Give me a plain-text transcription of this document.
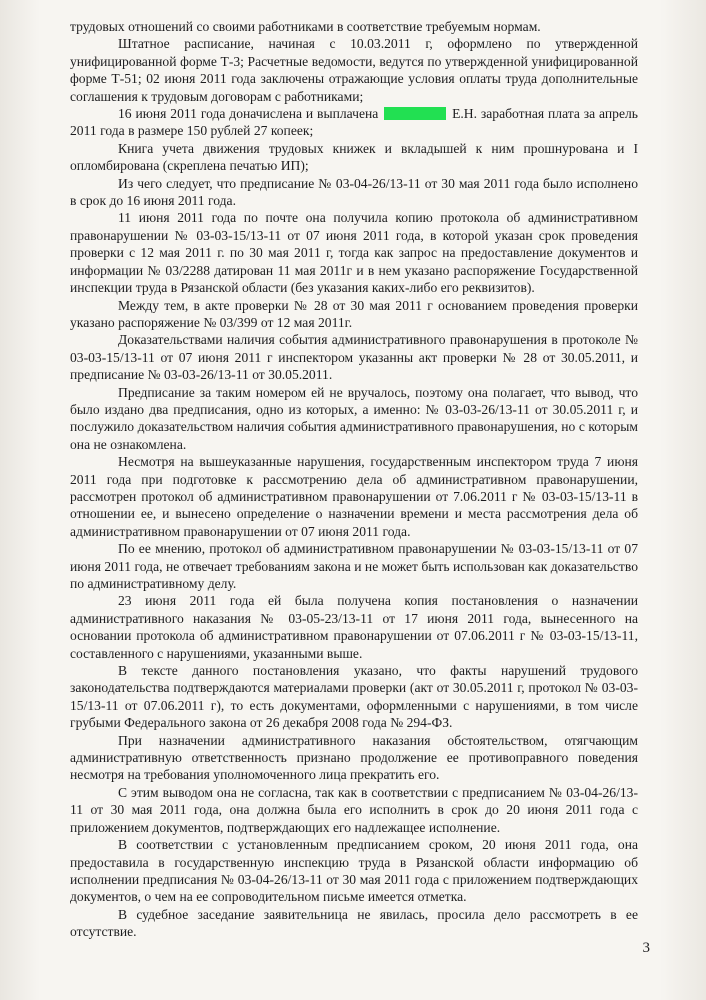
трудовых отношений со своими работниками в соответствие требуемым нормам.

Штатное расписание, начиная с 10.03.2011 г, оформлено по утвержденной унифицированной форме Т-3; Расчетные ведомости, ведутся по утвержденной унифицированной форме Т-51; 02 июня 2011 года заключены отражающие условия оплаты труда дополнительные соглашения к трудовым договорам с работниками;

16 июня 2011 года доначислена и выплачена	Е.Н. заработная плата за апрель 2011 года в размере 150 рублей 27 копеек;

Книга учета движения трудовых книжек и вкладышей к ним прошнурована и I опломбирована (скреплена печатью ИП);

Из чего следует, что предписание № 03-04-26/13-11 от 30 мая 2011 года было исполнено в срок до 16 июня 2011 года.

11 июня 2011 года по почте она получила копию протокола об административном правонарушении № 03-03-15/13-11 от 07 июня 2011 года, в которой указан срок проведения проверки с 12 мая 2011 г. по 30 мая 2011 г, тогда как запрос на предоставление документов и информации № 03/2288 датирован 11 мая 2011г и в нем указано распоряжение Государственной инспекции труда в Рязанской области (без указания каких-либо его реквизитов).

Между тем, в акте проверки № 28 от 30 мая 2011 г основанием проведения проверки указано распоряжение № 03/399 от 12 мая 2011г.

Доказательствами наличия события административного правонарушения в протоколе № 03-03-15/13-11 от 07 июня 2011 г инспектором указанны акт проверки № 28 от 30.05.2011, и предписание № 03-03-26/13-11 от 30.05.2011.

Предписание за таким номером ей не вручалось, поэтому она полагает, что вывод, что было издано два предписания, одно из которых, а именно: № 03-03-26/13-11 от 30.05.2011 г, и послужило доказательством наличия события административного правонарушения, но с которым она не ознакомлена.

Несмотря на вышеуказанные нарушения, государственным инспектором труда 7 июня 2011 года при подготовке к рассмотрению дела об административном правонарушении, рассмотрен протокол об административном правонарушении от 7.06.2011 г № 03-03-15/13-11 в отношении ее, и вынесено определение о назначении времени и места рассмотрения дела об административном правонарушении от 07 июня 2011 года.

По ее мнению, протокол об административном правонарушении № 03-03-15/13-11 от 07 июня 2011 года, не отвечает требованиям закона и не может быть использован как доказательство по административному делу.

23 июня 2011 года ей была получена копия постановления о назначении административного наказания № 03-05-23/13-11 от 17 июня 2011 года, вынесенного на основании протокола об административном правонарушении от 07.06.2011 г № 03-03-15/13-11, составленного с нарушениями, указанными выше.

В тексте данного постановления указано, что факты нарушений трудового законодательства подтверждаются материалами проверки (акт от 30.05.2011 г, протокол № 03-03-15/13-11 от 07.06.2011 г), то есть документами, оформленными с нарушениями, в том числе грубыми Федерального закона от 26 декабря 2008 года № 294-ФЗ.

При назначении административного наказания обстоятельством, отягчающим административную ответственность признано продолжение ее противоправного поведения несмотря на требования уполномоченного лица прекратить его.

С этим выводом она не согласна, так как в соответствии с предписанием № 03-04-26/13-11 от 30 мая 2011 года, она должна была его исполнить в срок до 20 июня 2011 года с приложением документов, подтверждающих его надлежащее исполнение.

В соответствии с установленным предписанием сроком, 20 июня 2011 года, она предоставила в государственную инспекцию труда в Рязанской области информацию об исполнении предписания № 03-04-26/13-11 от 30 мая 2011 года с приложением подтверждающих документов, о чем на ее сопроводительном письме имеется отметка.

В судебное заседание заявительница не явилась, просила дело рассмотреть в ее отсутствие.

3
